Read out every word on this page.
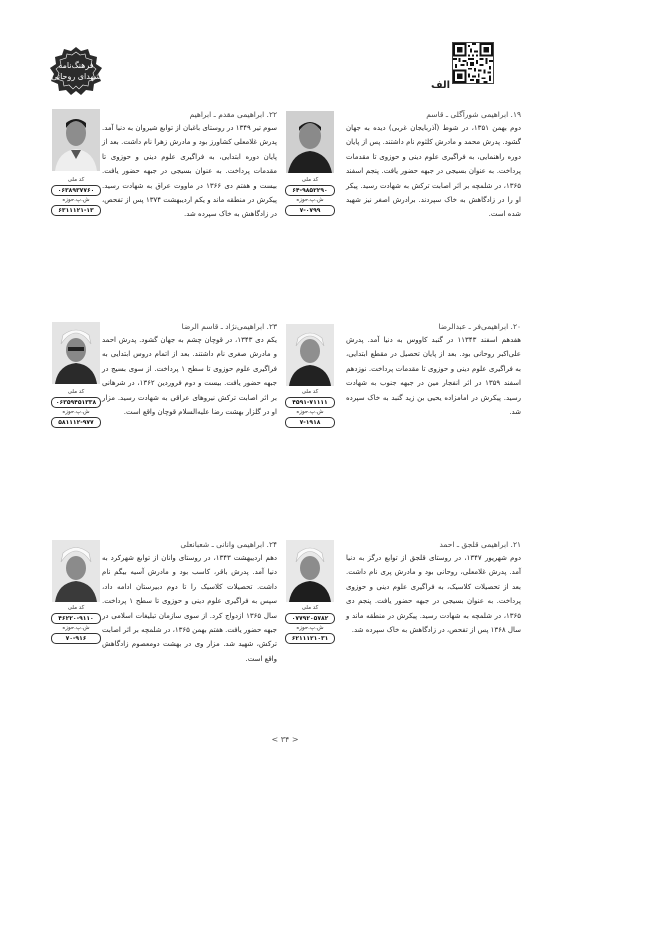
الف
فرهنگ‌نامه
شهدای روحانی
۱۹. ابراهیمی شورآگلی ـ قاسم
دوم بهمن ۱۳۵۱، در شوط (آذربایجان غربی) دیده به جهان گشود. پدرش محمد و مادرش کلثوم نام داشتند. پس از پایان دوره راهنمایی، به فراگیری علوم دینی و حوزوی تا مقدمات پرداخت. به عنوان بسیجی در جبهه حضور یافت. پنجم اسفند ۱۳۶۵، در شلمچه بر اثر اصابت ترکش به شهادت رسید. پیکر او را در زادگاهش به خاک سپردند. برادرش اصغر نیز شهید شده است.
کد ملی
۶۴-۹۸۵۲۲۹۰
ش.پ.حوزه
۷-۰۷۹۹
۲۲. ابراهیمی مقدم ـ ابراهیم
سوم تیر ۱۳۴۹ در روستای باغبان از توابع شیروان به دنیا آمد. پدرش غلامعلی کشاورز بود و مادرش زهرا نام داشت. بعد از پایان دوره ابتدایی، به فراگیری علوم دینی و حوزوی تا مقدمات پرداخت. به عنوان بسیجی در جبهه حضور یافت. بیست و هفتم دی ۱۳۶۶ در ماووت عراق به شهادت رسید. پیکرش در منطقه ماند و یکم اردیبهشت ۱۳۷۴ پس از تفحص، در زادگاهش به خاک سپرده شد.
کد ملی
۰۶۳۸۹۳۷۷۶۰
ش.پ.حوزه
۶۳۱۱۱۲۱-۱۳
۲۰. ابراهیمی‌فر ـ عبدالرضا
هفدهم اسفند ۱۱۳۴۳ در گنبد کاووس به دنیا آمد. پدرش علی‌اکبر روحانی بود. بعد از پایان تحصیل در مقطع ابتدایی، به فراگیری علوم دینی و حوزوی تا مقدمات پرداخت. نوزدهم اسفند ۱۳۵۹ در اثر انفجار مین در جبهه جنوب به شهادت رسید. پیکرش در امامزاده یحیی بن زید گنبد به خاک سپرده شد.
کد ملی
۴۵۹۱-۷۱۱۱۱
ش.پ.حوزه
۷-۱۹۱۸
۲۳. ابراهیمی‌نژاد ـ قاسم الرضا
یکم دی ۱۳۴۳، در قوچان چشم به جهان گشود. پدرش احمد و مادرش صغری نام داشتند. بعد از اتمام دروس ابتدایی به فراگیری علوم حوزوی تا سطح ۱ پرداخت. از سوی بسیج در جبهه حضور یافت. بیست و دوم فروردین ۱۳۶۲، در شرهانی بر اثر اصابت ترکش نیروهای عراقی به شهادت رسید. مزار او در گلزار بهشت رضا علیه‌السلام قوچان واقع است.
کد ملی
۰۶۳۵۹۴۵۱۳۳۸
ش.پ.حوزه
۵۸۱۱۱۲-۹۷۷
۲۱. ابراهیمی قلجق ـ احمد
دوم شهریور ۱۳۴۷، در روستای قلجق از توابع درگز به دنیا آمد. پدرش غلامعلی، روحانی بود و مادرش پری نام داشت. بعد از تحصیلات کلاسیک، به فراگیری علوم دینی و حوزوی پرداخت. به عنوان بسیجی در جبهه حضور یافت. پنجم دی ۱۳۶۵، در شلمچه به شهادت رسید. پیکرش در منطقه ماند و سال ۱۳۶۸ پس از تفحص، در زادگاهش به خاک سپرده شد.
کد ملی
۰۷۷۹۲۰۵۷۸۲
ش.پ.حوزه
۶۲۱۱۱۲۱۰۳۱
۲۴. ابراهیمی وانانی ـ شعبانعلی
دهم اردیبهشت ۱۳۴۳، در روستای وانان از توابع شهرکرد به دنیا آمد. پدرش باقر، کاسب بود و مادرش آسیه بیگم نام داشت. تحصیلات کلاسیک را تا دوم دبیرستان ادامه داد، سپس به فراگیری علوم دینی و حوزوی تا سطح ۱ پرداخت. سال ۱۳۶۵ ازدواج کرد. از سوی سازمان تبلیغات اسلامی در جبهه حضور یافت. هفتم بهمن ۱۳۶۵، در شلمچه بر اثر اصابت ترکش، شهید شد. مزار وی در بهشت دومعصوم زادگاهش واقع است.
کد ملی
۴۶۲۲۰-۹۱۱۰
ش.پ.حوزه
۷۰-۹۱۶
< ۳۴ >
